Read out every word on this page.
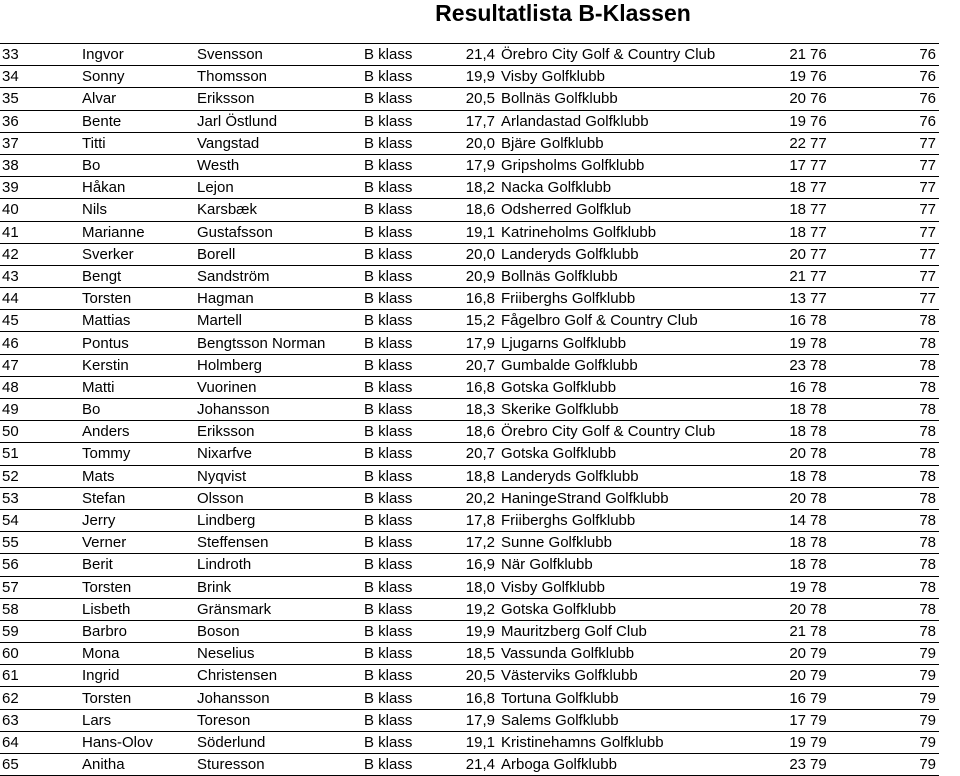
Resultatlista B-Klassen
33	Ingvor	Svensson	B klass	21,4	Örebro City Golf & Country Club	21	76	76
34	Sonny	Thomsson	B klass	19,9	Visby Golfklubb	19	76	76
35	Alvar	Eriksson	B klass	20,5	Bollnäs Golfklubb	20	76	76
36	Bente	Jarl Östlund	B klass	17,7	Arlandastad Golfklubb	19	76	76
37	Titti	Vangstad	B klass	20,0	Bjäre Golfklubb	22	77	77
38	Bo	Westh	B klass	17,9	Gripsholms Golfklubb	17	77	77
39	Håkan	Lejon	B klass	18,2	Nacka Golfklubb	18	77	77
40	Nils	Karsbæk	B klass	18,6	Odsherred Golfklub	18	77	77
41	Marianne	Gustafsson	B klass	19,1	Katrineholms Golfklubb	18	77	77
42	Sverker	Borell	B klass	20,0	Landeryds Golfklubb	20	77	77
43	Bengt	Sandström	B klass	20,9	Bollnäs Golfklubb	21	77	77
44	Torsten	Hagman	B klass	16,8	Friiberghs Golfklubb	13	77	77
45	Mattias	Martell	B klass	15,2	Fågelbro Golf & Country Club	16	78	78
46	Pontus	Bengtsson Norman	B klass	17,9	Ljugarns Golfklubb	19	78	78
47	Kerstin	Holmberg	B klass	20,7	Gumbalde Golfklubb	23	78	78
48	Matti	Vuorinen	B klass	16,8	Gotska Golfklubb	16	78	78
49	Bo	Johansson	B klass	18,3	Skerike Golfklubb	18	78	78
50	Anders	Eriksson	B klass	18,6	Örebro City Golf & Country Club	18	78	78
51	Tommy	Nixarfve	B klass	20,7	Gotska Golfklubb	20	78	78
52	Mats	Nyqvist	B klass	18,8	Landeryds Golfklubb	18	78	78
53	Stefan	Olsson	B klass	20,2	HaningeStrand Golfklubb	20	78	78
54	Jerry	Lindberg	B klass	17,8	Friiberghs Golfklubb	14	78	78
55	Verner	Steffensen	B klass	17,2	Sunne Golfklubb	18	78	78
56	Berit	Lindroth	B klass	16,9	När Golfklubb	18	78	78
57	Torsten	Brink	B klass	18,0	Visby Golfklubb	19	78	78
58	Lisbeth	Gränsmark	B klass	19,2	Gotska Golfklubb	20	78	78
59	Barbro	Boson	B klass	19,9	Mauritzberg Golf Club	21	78	78
60	Mona	Neselius	B klass	18,5	Vassunda Golfklubb	20	79	79
61	Ingrid	Christensen	B klass	20,5	Västerviks Golfklubb	20	79	79
62	Torsten	Johansson	B klass	16,8	Tortuna Golfklubb	16	79	79
63	Lars	Toreson	B klass	17,9	Salems Golfklubb	17	79	79
64	Hans-Olov	Söderlund	B klass	19,1	Kristinehamns Golfklubb	19	79	79
65	Anitha	Sturesson	B klass	21,4	Arboga Golfklubb	23	79	79
